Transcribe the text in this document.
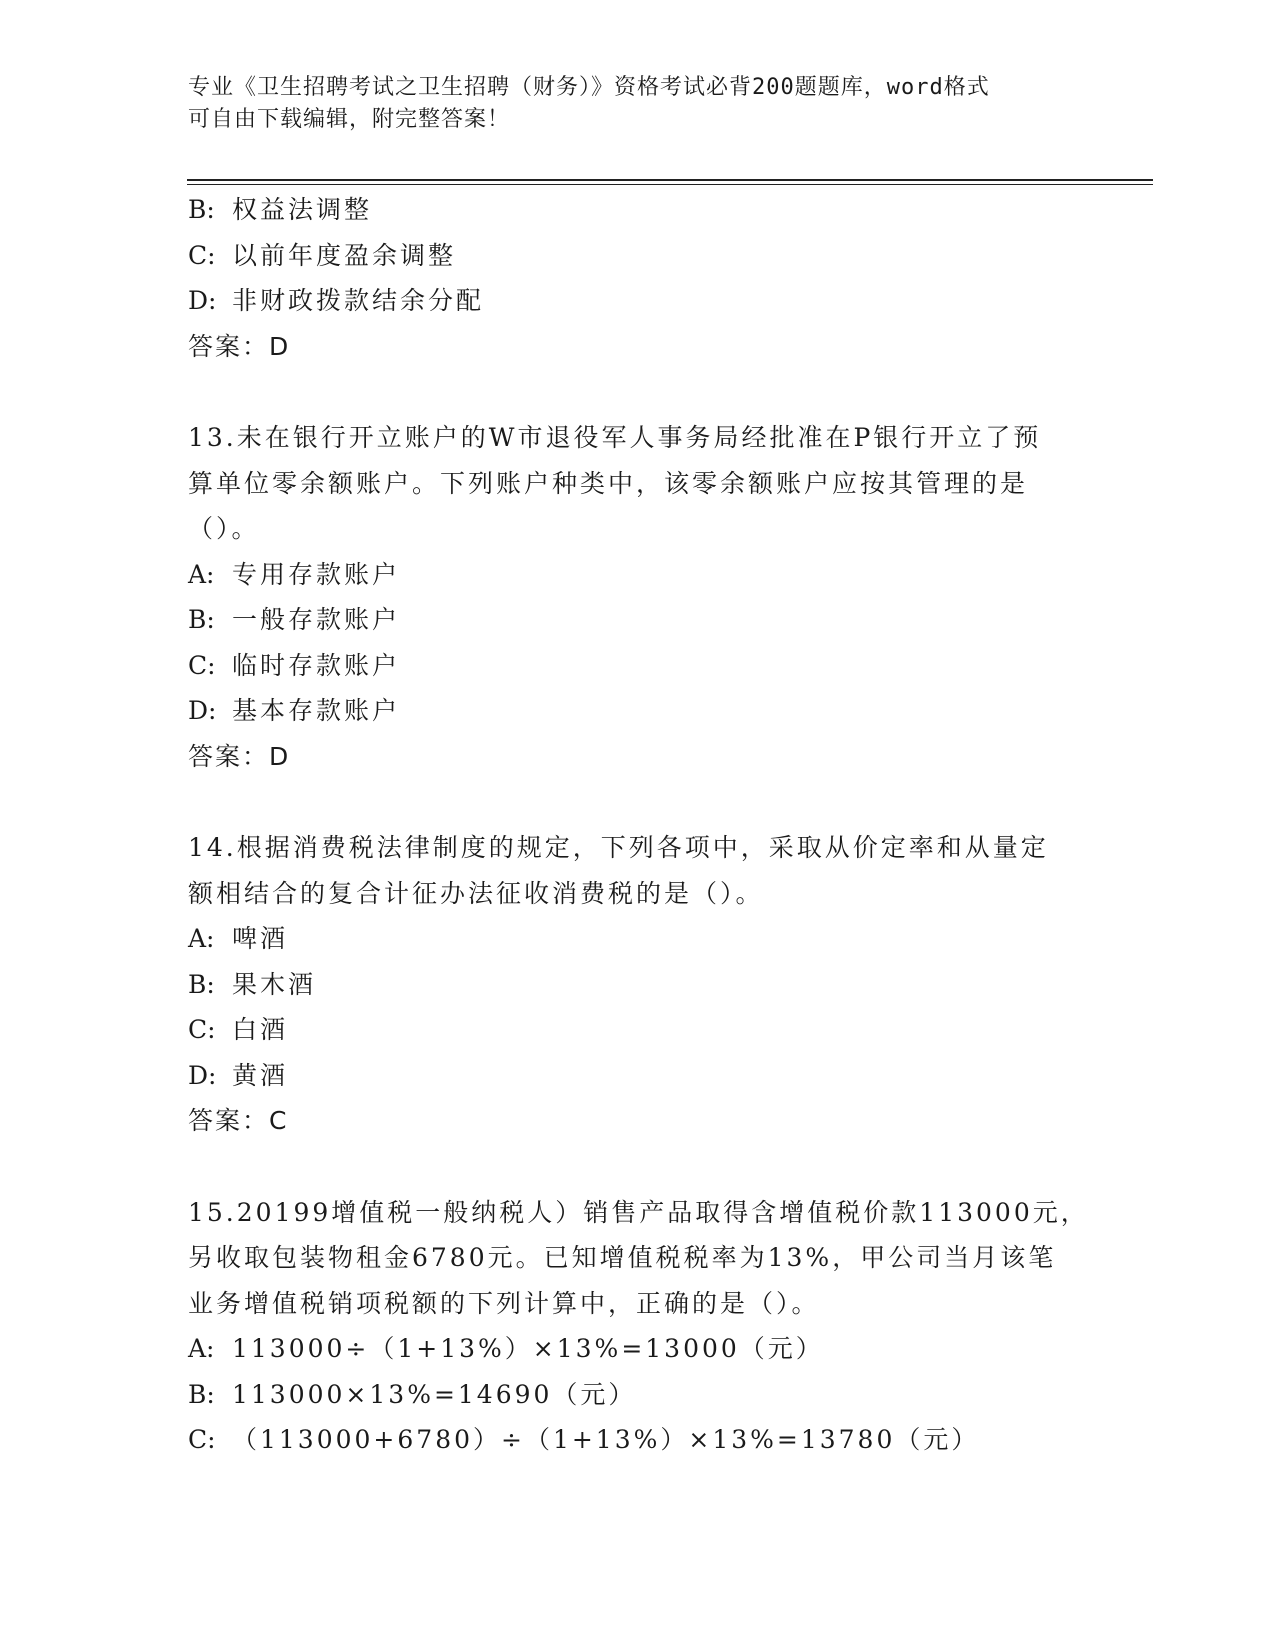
专业《卫生招聘考试之卫生招聘（财务）》资格考试必背200题题库，word格式
可自由下载编辑，附完整答案！
B: 权益法调整
C: 以前年度盈余调整
D: 非财政拨款结余分配
答案：D
13.未在银行开立账户的W市退役军人事务局经批准在P银行开立了预
算单位零余额账户。下列账户种类中，该零余额账户应按其管理的是
（）。
A: 专用存款账户
B: 一般存款账户
C: 临时存款账户
D: 基本存款账户
答案：D
14.根据消费税法律制度的规定，下列各项中，采取从价定率和从量定
额相结合的复合计征办法征收消费税的是（）。
A: 啤酒
B: 果木酒
C: 白酒
D: 黄酒
答案：C
15.20199增值税一般纳税人）销售产品取得含增值税价款113000元，
另收取包装物租金6780元。已知增值税税率为13%，甲公司当月该笔
业务增值税销项税额的下列计算中，正确的是（）。
A: 113000÷（1+13%）×13%=13000（元）
B: 113000×13%=14690（元）
C: （113000+6780）÷（1+13%）×13%=13780（元）
